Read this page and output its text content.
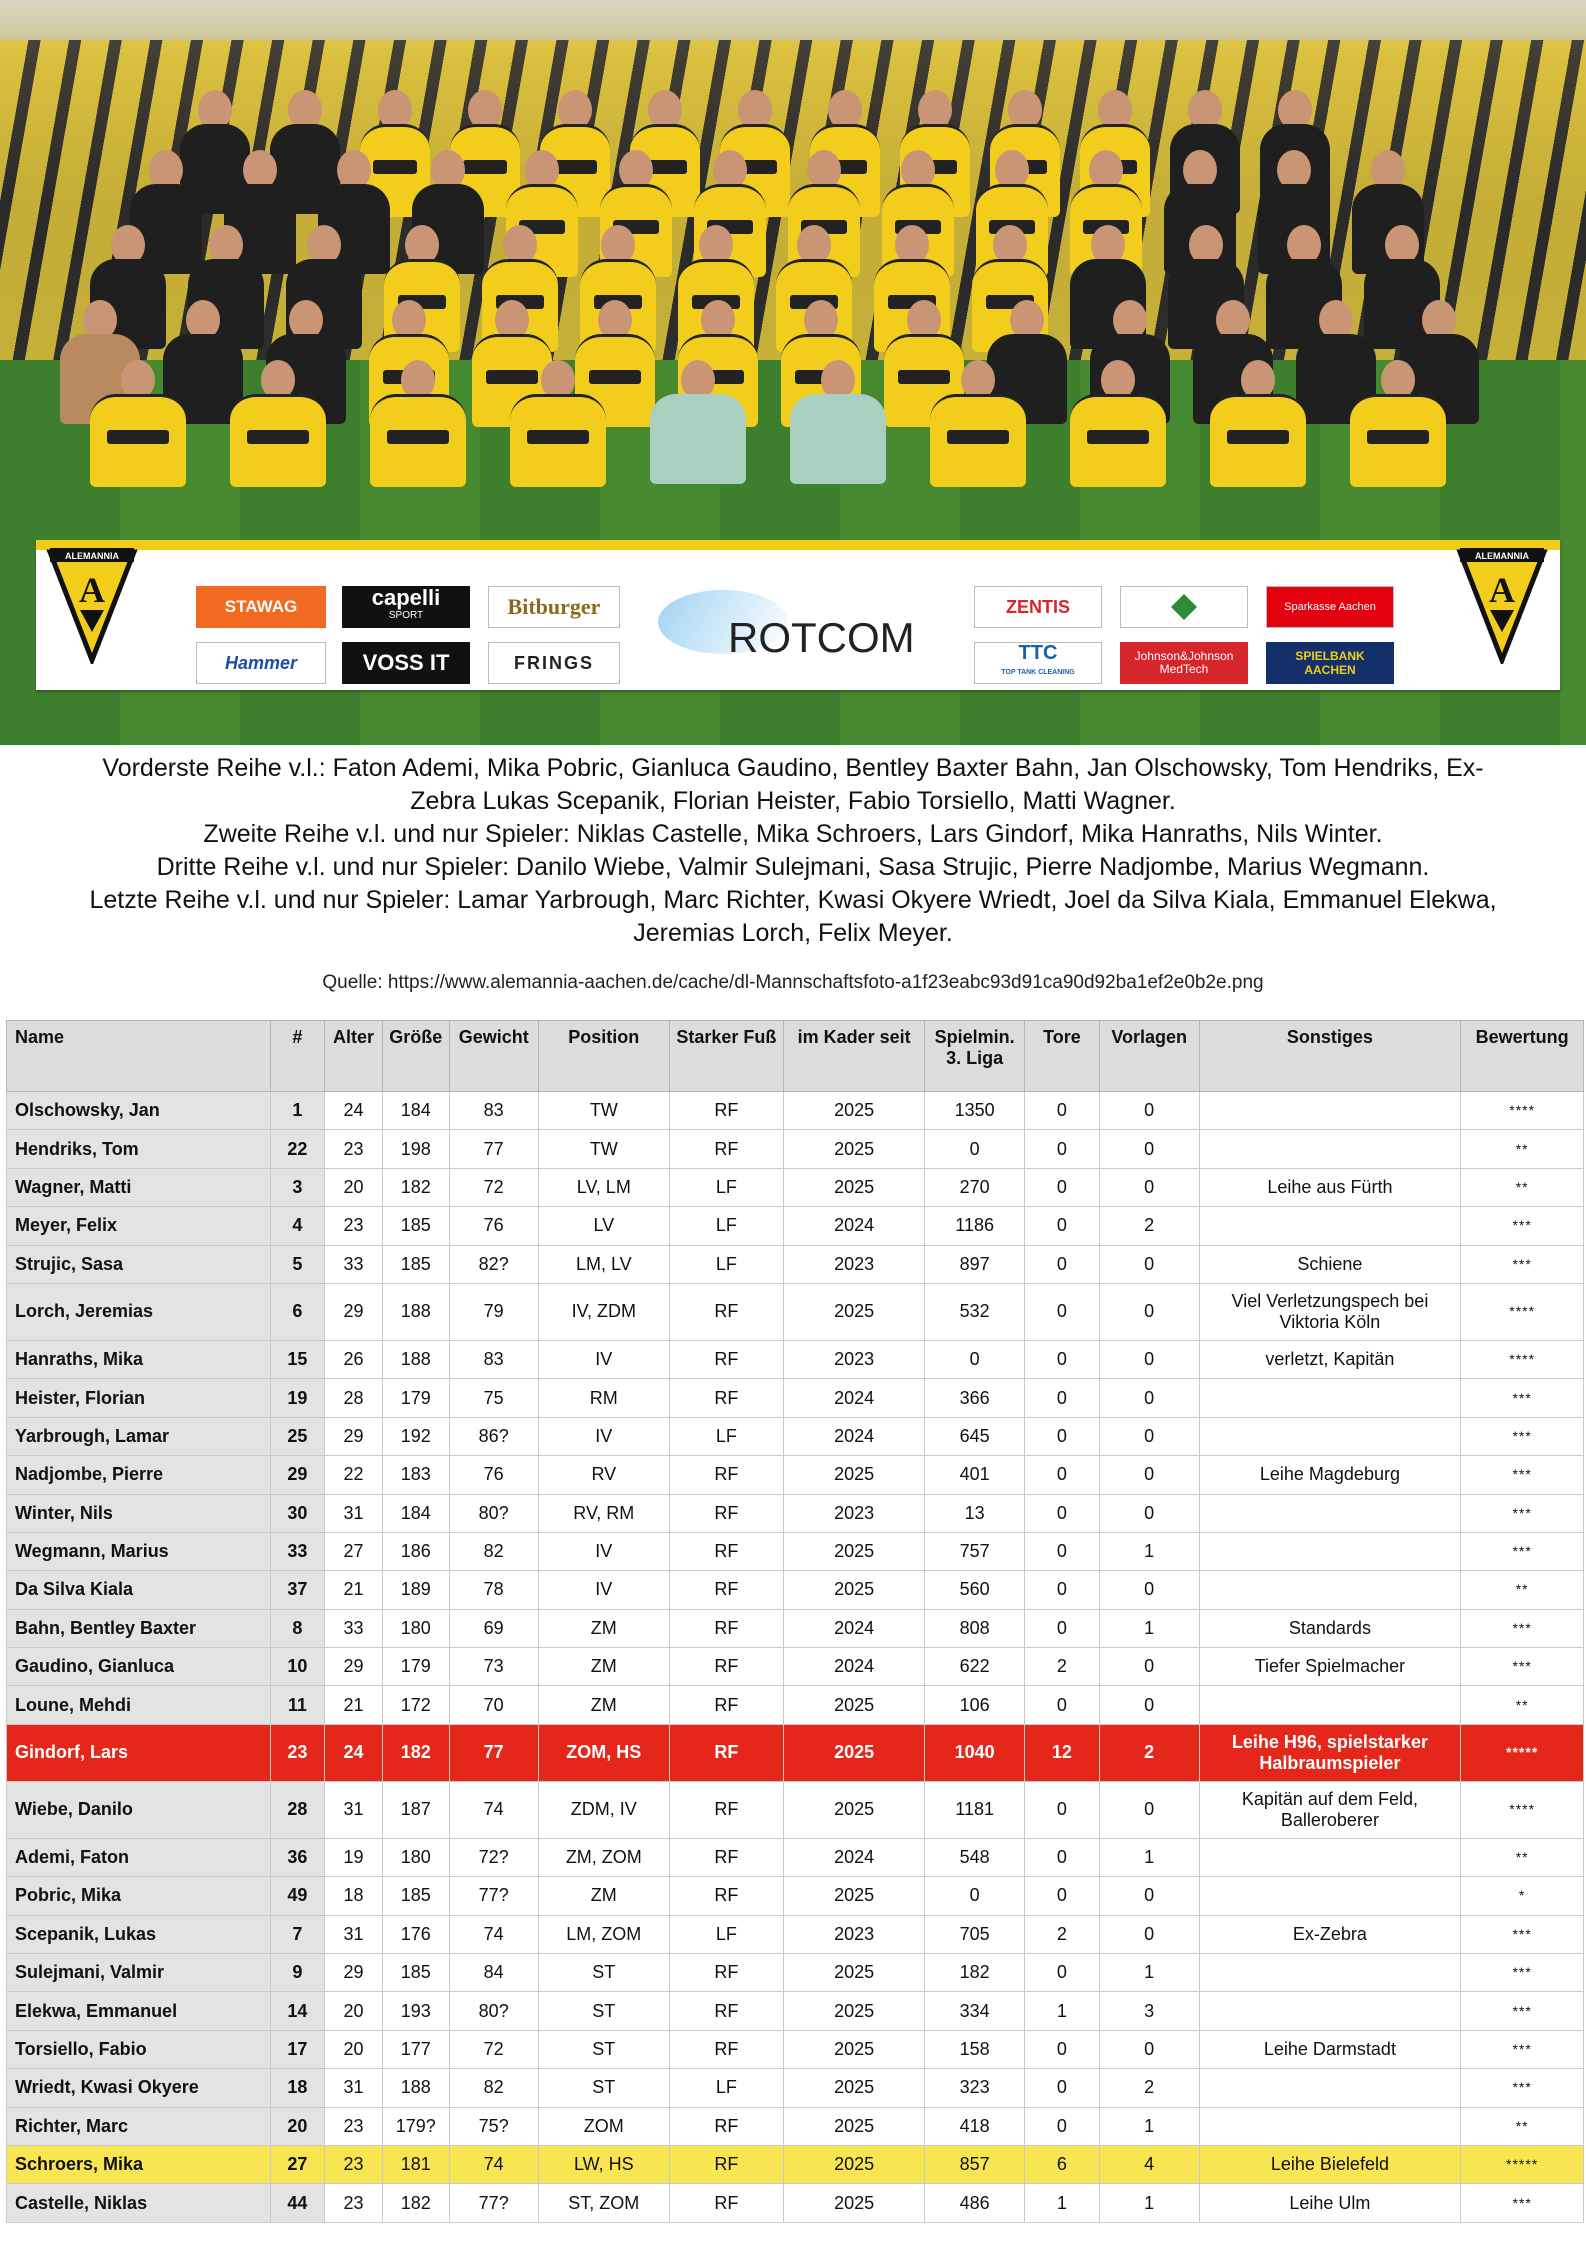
ALEMANNIA
A
ALEMANNIA
A
STAWAG	capelli
SPORT	Bitburger
Hammer	VOSS IT	FRINGS
ROTCOM
ZENTIS
TTC
TOP TANK CLEANING
Johnson&Johnson MedTech
Sparkasse Aachen
SPIELBANK AACHEN
Vorderste Reihe v.l.: Faton Ademi, Mika Pobric, Gianluca Gaudino, Bentley Baxter Bahn, Jan Olschowsky, Tom Hendriks, Ex-
Zebra Lukas Scepanik, Florian Heister, Fabio Torsiello, Matti Wagner.
Zweite Reihe v.l. und nur Spieler: Niklas Castelle, Mika Schroers, Lars Gindorf, Mika Hanraths, Nils Winter.
Dritte Reihe v.l. und nur Spieler: Danilo Wiebe, Valmir Sulejmani, Sasa Strujic, Pierre Nadjombe, Marius Wegmann.
Letzte Reihe v.l. und nur Spieler: Lamar Yarbrough, Marc Richter, Kwasi Okyere Wriedt, Joel da Silva Kiala, Emmanuel Elekwa,
Jeremias Lorch, Felix Meyer.
Quelle: https://www.alemannia-aachen.de/cache/dl-Mannschaftsfoto-a1f23eabc93d91ca90d92ba1ef2e0b2e.png
Name	#	Alter	Größe	Gewicht	Position	Starker Fuß	im Kader seit	Spielmin. 3. Liga	Tore	Vorlagen	Sonstiges	Bewertung
Olschowsky, Jan	1	24	184	83	TW	RF	2025	1350	0	0		****
Hendriks, Tom	22	23	198	77	TW	RF	2025	0	0	0		**
Wagner, Matti	3	20	182	72	LV, LM	LF	2025	270	0	0	Leihe aus Fürth	**
Meyer, Felix	4	23	185	76	LV	LF	2024	1186	0	2		***
Strujic, Sasa	5	33	185	82?	LM, LV	LF	2023	897	0	0	Schiene	***
Lorch, Jeremias	6	29	188	79	IV, ZDM	RF	2025	532	0	0	Viel Verletzungspech bei Viktoria Köln	****
Hanraths, Mika	15	26	188	83	IV	RF	2023	0	0	0	verletzt, Kapitän	****
Heister, Florian	19	28	179	75	RM	RF	2024	366	0	0		***
Yarbrough, Lamar	25	29	192	86?	IV	LF	2024	645	0	0		***
Nadjombe, Pierre	29	22	183	76	RV	RF	2025	401	0	0	Leihe Magdeburg	***
Winter, Nils	30	31	184	80?	RV, RM	RF	2023	13	0	0		***
Wegmann, Marius	33	27	186	82	IV	RF	2025	757	0	1		***
Da Silva Kiala	37	21	189	78	IV	RF	2025	560	0	0		**
Bahn, Bentley Baxter	8	33	180	69	ZM	RF	2024	808	0	1	Standards	***
Gaudino, Gianluca	10	29	179	73	ZM	RF	2024	622	2	0	Tiefer Spielmacher	***
Loune, Mehdi	11	21	172	70	ZM	RF	2025	106	0	0		**
Gindorf, Lars	23	24	182	77	ZOM, HS	RF	2025	1040	12	2	Leihe H96, spielstarker Halbraumspieler	*****
Wiebe, Danilo	28	31	187	74	ZDM, IV	RF	2025	1181	0	0	Kapitän auf dem Feld, Balleroberer	****
Ademi, Faton	36	19	180	72?	ZM, ZOM	RF	2024	548	0	1		**
Pobric, Mika	49	18	185	77?	ZM	RF	2025	0	0	0		*
Scepanik, Lukas	7	31	176	74	LM, ZOM	LF	2023	705	2	0	Ex-Zebra	***
Sulejmani, Valmir	9	29	185	84	ST	RF	2025	182	0	1		***
Elekwa, Emmanuel	14	20	193	80?	ST	RF	2025	334	1	3		***
Torsiello, Fabio	17	20	177	72	ST	RF	2025	158	0	0	Leihe Darmstadt	***
Wriedt, Kwasi Okyere	18	31	188	82	ST	LF	2025	323	0	2		***
Richter, Marc	20	23	179?	75?	ZOM	RF	2025	418	0	1		**
Schroers, Mika	27	23	181	74	LW, HS	RF	2025	857	6	4	Leihe Bielefeld	*****
Castelle, Niklas	44	23	182	77?	ST, ZOM	RF	2025	486	1	1	Leihe Ulm	***
